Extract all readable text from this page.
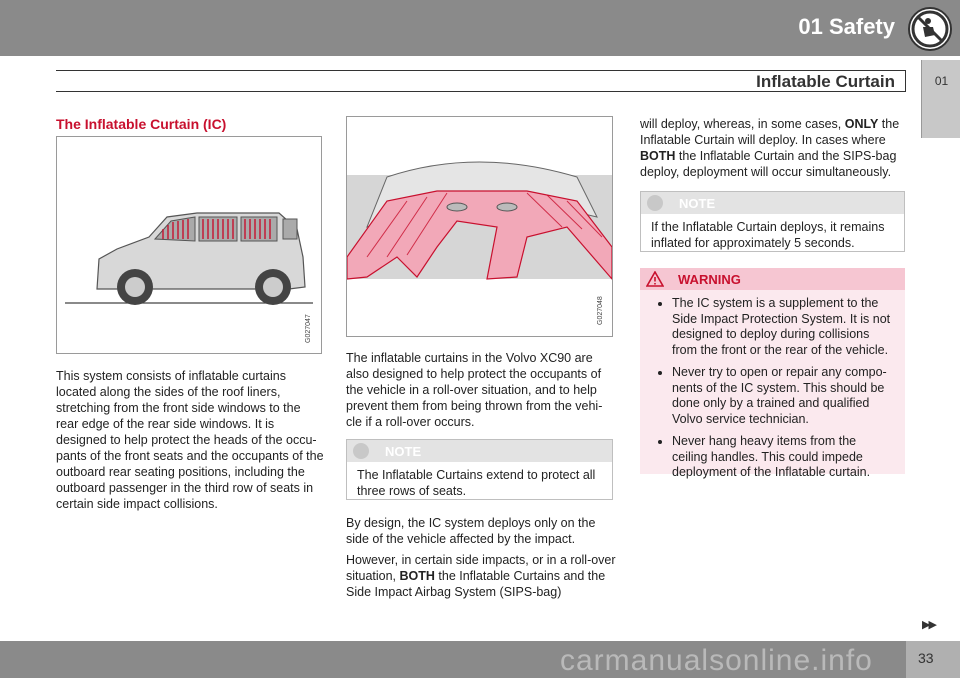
01 Safety
01
Inflatable Curtain
The Inflatable Curtain (IC)
G027047
This system consists of inflatable curtains located along the sides of the roof liners, stretching from the front side windows to the rear edge of the rear side windows. It is designed to help protect the heads of the occu-pants of the front seats and the occupants of the outboard rear seating positions, including the outboard passenger in the third row of seats in certain side impact collisions.
G027048
The inflatable curtains in the Volvo XC90 are also designed to help protect the occupants of the vehicle in a roll-over situation, and to help prevent them from being thrown from the vehi-cle if a roll-over occurs.
NOTE
The Inflatable Curtains extend to protect all three rows of seats.
By design, the IC system deploys only on the side of the vehicle affected by the impact.
However, in certain side impacts, or in a roll-over situation, BOTH the Inflatable Curtains and the Side Impact Airbag System (SIPS-bag)
will deploy, whereas, in some cases, ONLY the Inflatable Curtain will deploy. In cases where BOTH the Inflatable Curtain and the SIPS-bag deploy, deployment will occur simultaneously.
NOTE
If the Inflatable Curtain deploys, it remains inflated for approximately 5 seconds.
WARNING
• The IC system is a supplement to the Side Impact Protection System. It is not designed to deploy during collisions from the front or the rear of the vehicle.
• Never try to open or repair any compo-nents of the IC system. This should be done only by a trained and qualified Volvo service technician.
• Never hang heavy items from the ceiling handles. This could impede deployment of the Inflatable curtain.
▶▶
33
carmanualsonline.info
